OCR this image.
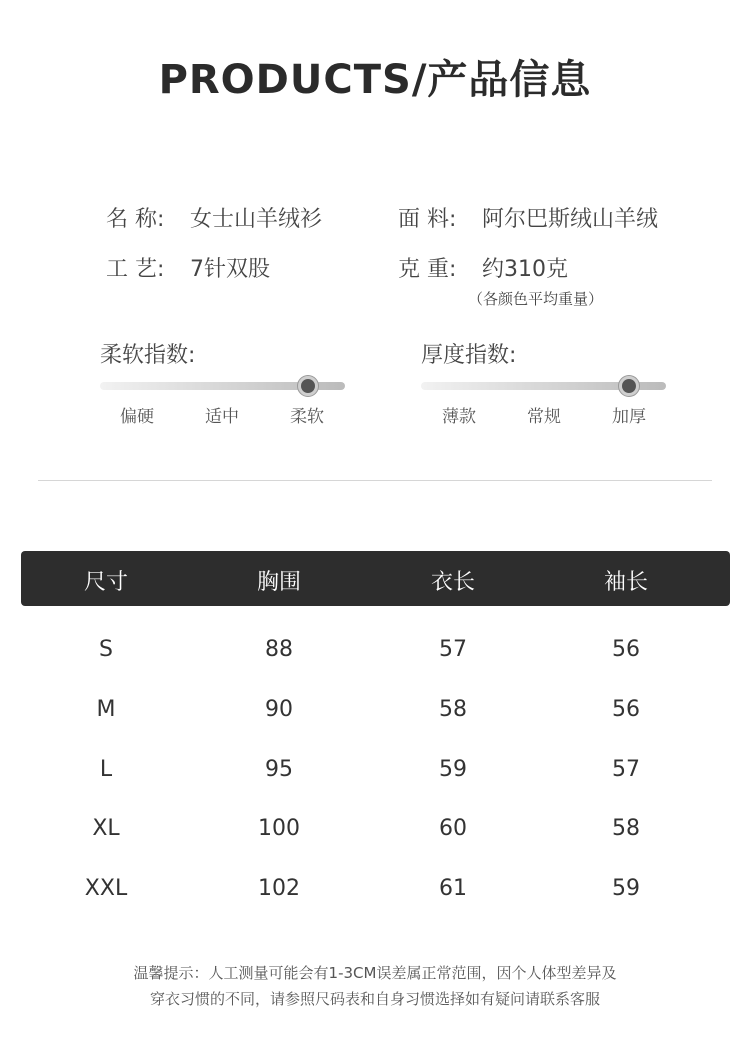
PRODUCTS/产品信息
名 称: 女士山羊绒衫	面 料: 阿尔巴斯绒山羊绒
工 艺: 7针双股	克 重: 约310克
（各颜色平均重量）
柔软指数:
偏硬	适中	柔软
厚度指数:
薄款	常规	加厚
尺寸	胸围	衣长	袖长
S	88	57	56
M	90	58	56
L	95	59	57
XL	100	60	58
XXL	102	61	59
温馨提示：人工测量可能会有1-3CM误差属正常范围，因个人体型差异及
穿衣习惯的不同，请参照尺码表和自身习惯选择如有疑问请联系客服
